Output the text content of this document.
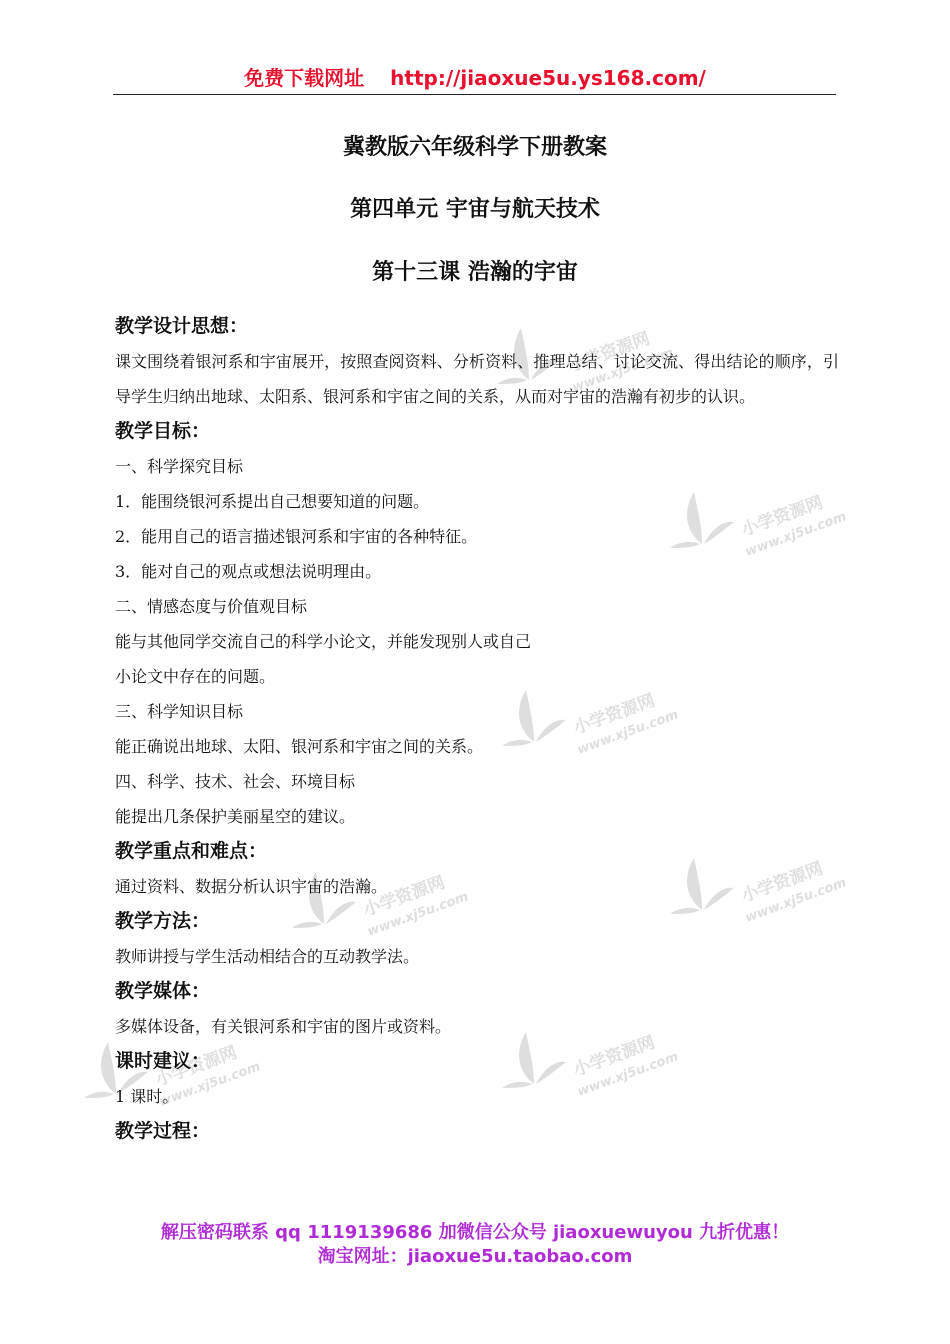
免费下载网址 http://jiaoxue5u.ys168.com/
冀教版六年级科学下册教案
第四单元 宇宙与航天技术
第十三课 浩瀚的宇宙
教学设计思想：
课文围绕着银河系和宇宙展开，按照查阅资料、分析资料、推理总结、讨论交流、得出结论的顺序，引导学生归纳出地球、太阳系、银河系和宇宙之间的关系，从而对宇宙的浩瀚有初步的认识。
教学目标：
一、科学探究目标
1．能围绕银河系提出自己想要知道的问题。
2．能用自己的语言描述银河系和宇宙的各种特征。
3．能对自己的观点或想法说明理由。
二、情感态度与价值观目标
能与其他同学交流自己的科学小论文，并能发现别人或自己
小论文中存在的问题。
三、科学知识目标
能正确说出地球、太阳、银河系和宇宙之间的关系。
四、科学、技术、社会、环境目标
能提出几条保护美丽星空的建议。
教学重点和难点：
通过资料、数据分析认识宇宙的浩瀚。
教学方法：
教师讲授与学生活动相结合的互动教学法。
教学媒体：
多媒体设备，有关银河系和宇宙的图片或资料。
课时建议：
1 课时。
教学过程：
解压密码联系 qq 1119139686 加微信公众号 jiaoxuewuyou 九折优惠！
淘宝网址：jiaoxue5u.taobao.com
